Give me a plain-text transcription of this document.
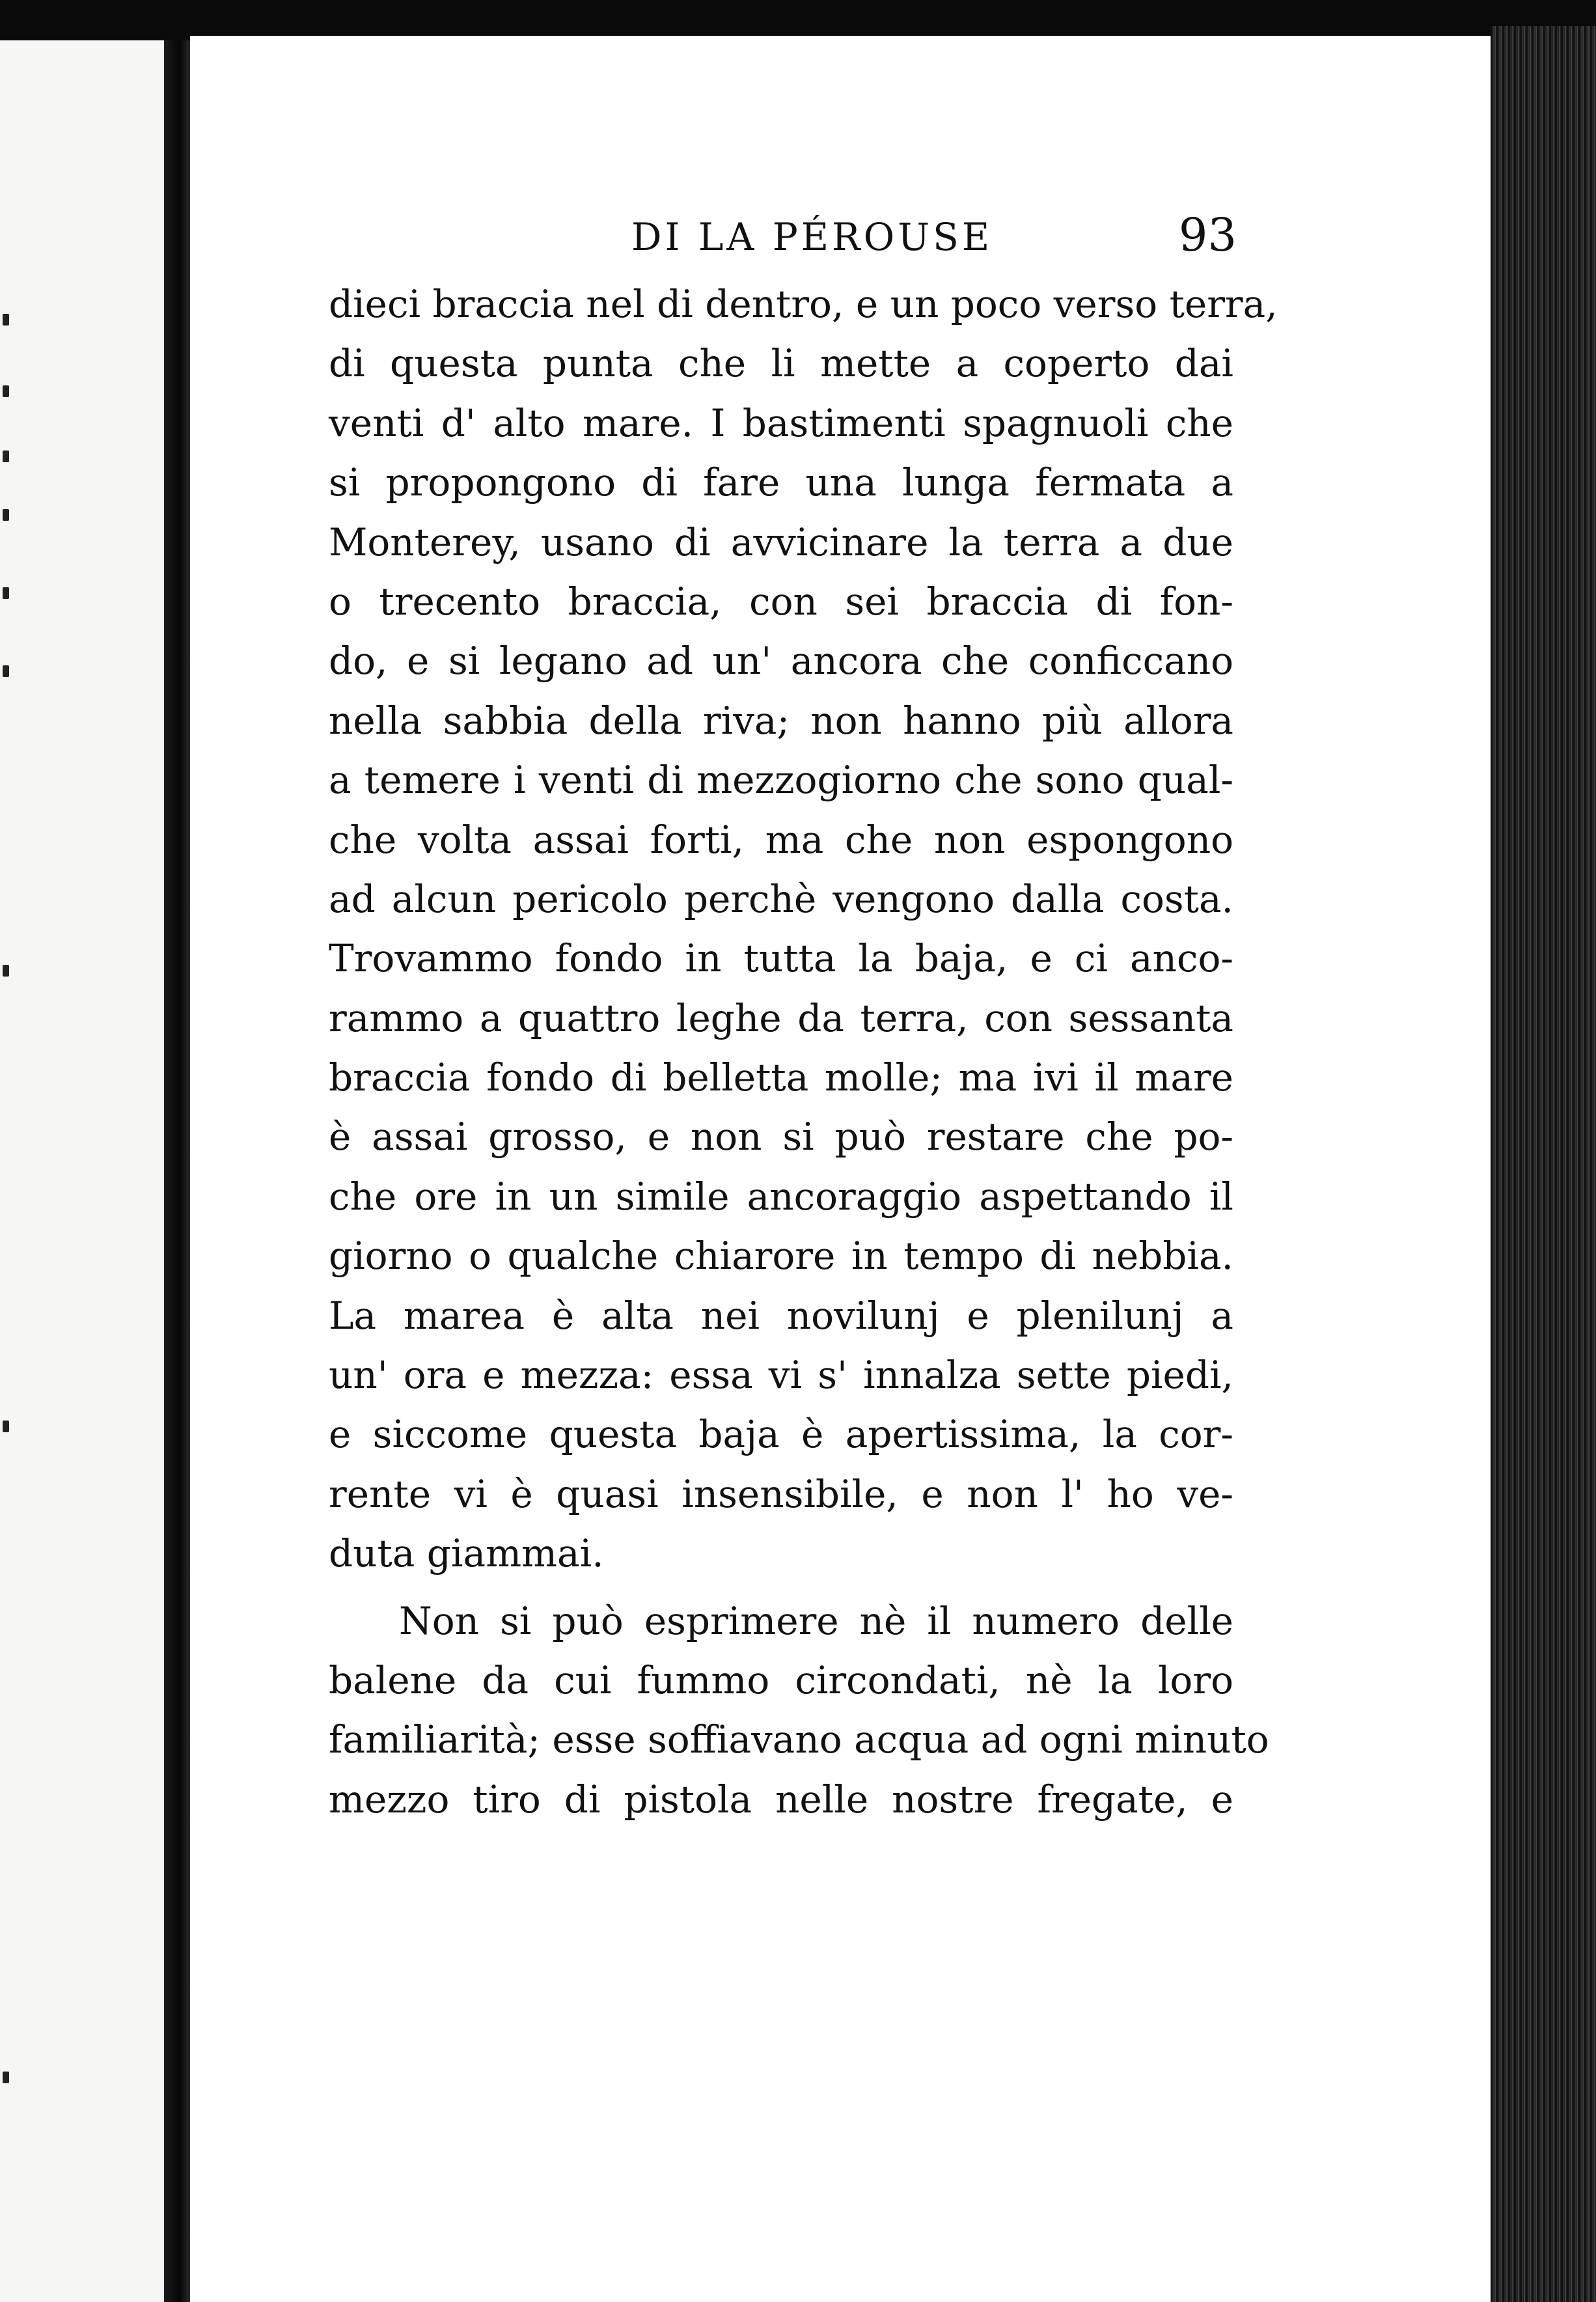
DI LA PÉROUSE	93
dieci braccia nel di dentro, e un poco verso terra,
di questa punta che li mette a coperto dai
venti d' alto mare. I bastimenti spagnuoli che
si propongono di fare una lunga fermata a
Monterey, usano di avvicinare la terra a due
o trecento braccia, con sei braccia di fon-
do, e si legano ad un' ancora che conficcano
nella sabbia della riva; non hanno più allora
a temere i venti di mezzogiorno che sono qual-
che volta assai forti, ma che non espongono
ad alcun pericolo perchè vengono dalla costa.
Trovammo fondo in tutta la baja, e ci anco-
rammo a quattro leghe da terra, con sessanta
braccia fondo di belletta molle; ma ivi il mare
è assai grosso, e non si può restare che po-
che ore in un simile ancoraggio aspettando il
giorno o qualche chiarore in tempo di nebbia.
La marea è alta nei novilunj e plenilunj a
un' ora e mezza: essa vi s' innalza sette piedi,
e siccome questa baja è apertissima, la cor-
rente vi è quasi insensibile, e non l' ho ve-
duta giammai.
Non si può esprimere nè il numero delle
balene da cui fummo circondati, nè la loro
familiarità; esse soffiavano acqua ad ogni minuto
mezzo tiro di pistola nelle nostre fregate, e
